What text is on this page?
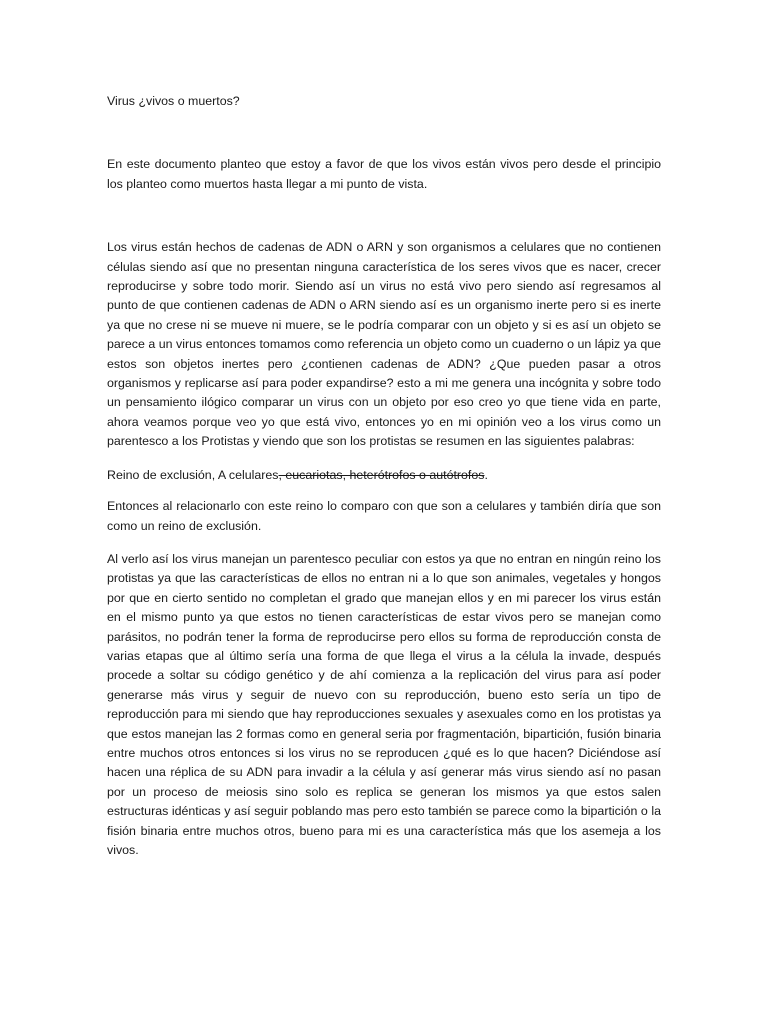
Virus ¿vivos o muertos?

En este documento planteo que estoy a favor de que los vivos están vivos pero desde el principio los planteo como muertos hasta llegar a mi punto de vista.

Los virus están hechos de cadenas de ADN o ARN y son organismos a celulares que no contienen células siendo así que no presentan ninguna característica de los seres vivos que es nacer, crecer reproducirse y sobre todo morir. Siendo así un virus no está vivo pero siendo así regresamos al punto de que contienen cadenas de ADN o ARN siendo así es un organismo inerte pero si es inerte ya que no crese ni se mueve ni muere, se le podría comparar con un objeto y si es así un objeto se parece a un virus entonces tomamos como referencia un objeto como un cuaderno o un lápiz ya que estos son objetos inertes pero ¿contienen cadenas de ADN? ¿Que pueden pasar a otros organismos y replicarse así para poder expandirse? esto a mi me genera una incógnita y sobre todo un pensamiento ilógico comparar un virus con un objeto por eso creo yo que tiene vida en parte, ahora veamos porque veo yo que está vivo, entonces yo en mi opinión veo a los virus como un parentesco a los Protistas y viendo que son los protistas se resumen en las siguientes palabras:

Reino de exclusión, A celulares, eucariotas, heterótrofos o autótrofos.

Entonces al relacionarlo con este reino lo comparo con que son a celulares y también diría que son como un reino de exclusión.

Al verlo así los virus manejan un parentesco peculiar con estos ya que no entran en ningún reino los protistas ya que las características de ellos no entran ni a lo que son animales, vegetales y hongos por que en cierto sentido no completan el grado que manejan ellos y en mi parecer los virus están en el mismo punto ya que estos no tienen características de estar vivos pero se manejan como parásitos, no podrán tener la forma de reproducirse pero ellos su forma de reproducción consta de varias etapas que al último sería una forma de que llega el virus a la célula la invade, después procede a soltar su código genético y de ahí comienza a la replicación del virus para así poder generarse más virus y seguir de nuevo con su reproducción, bueno esto sería un tipo de reproducción para mi siendo que hay reproducciones sexuales y asexuales como en los protistas ya que estos manejan las 2 formas como en general seria por fragmentación, bipartición, fusión binaria entre muchos otros entonces si los virus no se reproducen ¿qué es lo que hacen? Diciéndose así hacen una réplica de su ADN para invadir a la célula y así generar más virus siendo así no pasan por un proceso de meiosis sino solo es replica se generan los mismos ya que estos salen estructuras idénticas y así seguir poblando mas pero esto también se parece como la bipartición o la fisión binaria entre muchos otros, bueno para mi es una característica más que los asemeja a los vivos.
